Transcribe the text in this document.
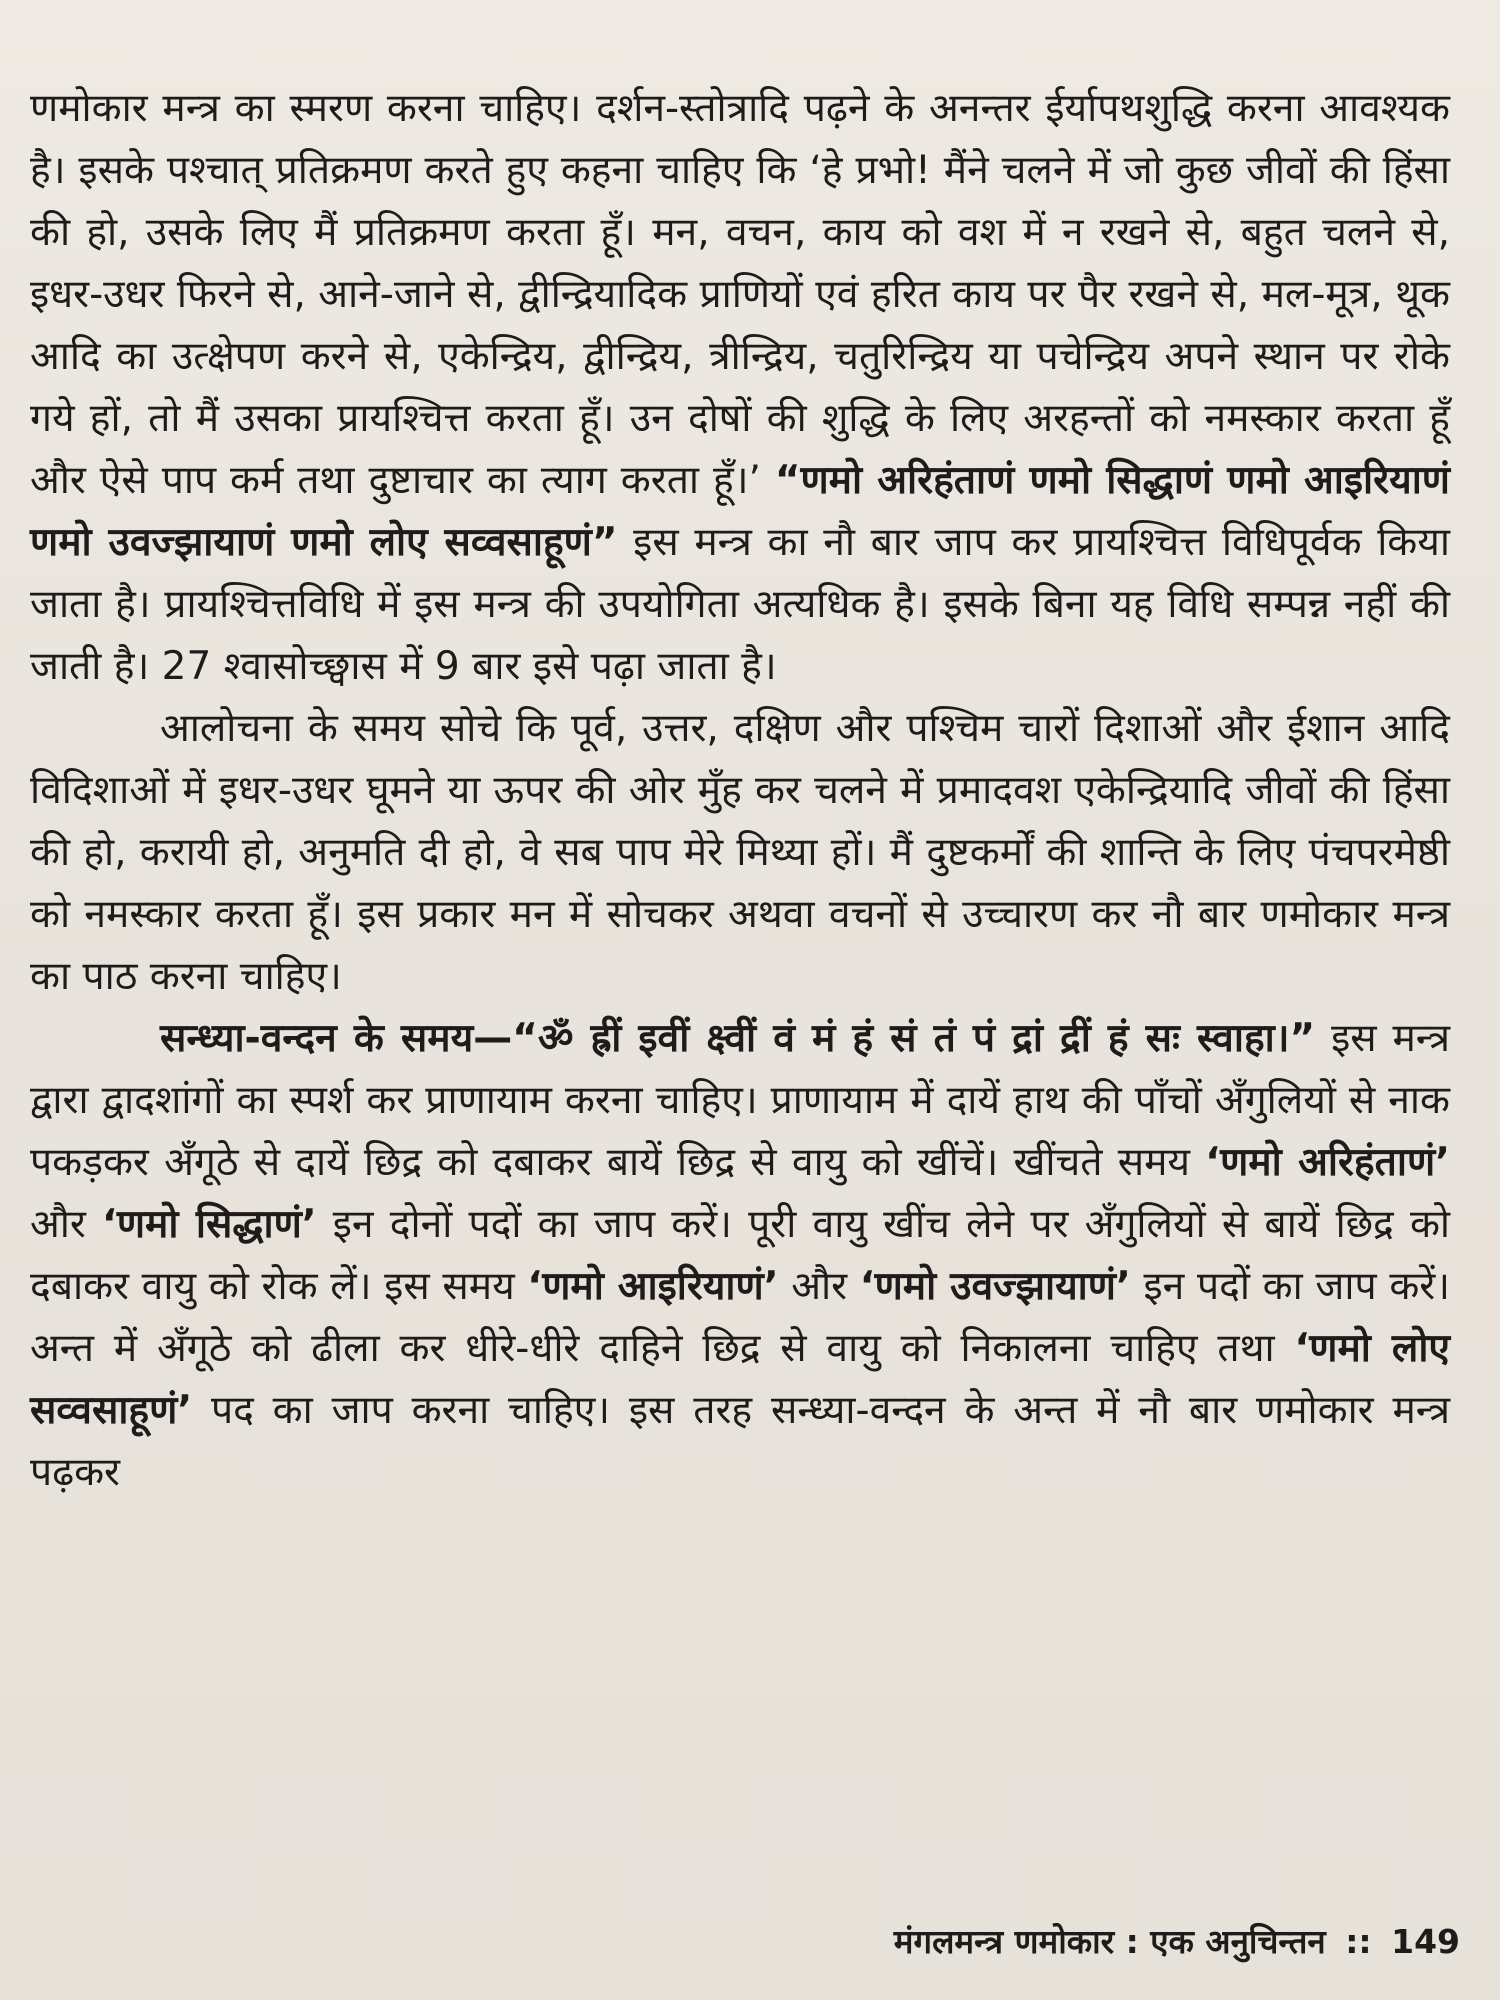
णमोकार मन्त्र का स्मरण करना चाहिए। दर्शन-स्तोत्रादि पढ़ने के अनन्तर ईर्यापथशुद्धि करना आवश्यक है। इसके पश्चात् प्रतिक्रमण करते हुए कहना चाहिए कि ‘हे प्रभो! मैंने चलने में जो कुछ जीवों की हिंसा की हो, उसके लिए मैं प्रतिक्रमण करता हूँ। मन, वचन, काय को वश में न रखने से, बहुत चलने से, इधर-उधर फिरने से, आने-जाने से, द्वीन्द्रियादिक प्राणियों एवं हरित काय पर पैर रखने से, मल-मूत्र, थूक आदि का उत्क्षेपण करने से, एकेन्द्रिय, द्वीन्द्रिय, त्रीन्द्रिय, चतुरिन्द्रिय या पचेन्द्रिय अपने स्थान पर रोके गये हों, तो मैं उसका प्रायश्चित्त करता हूँ। उन दोषों की शुद्धि के लिए अरहन्तों को नमस्कार करता हूँ और ऐसे पाप कर्म तथा दुष्टाचार का त्याग करता हूँ।’ “णमो अरिहंताणं णमो सिद्धाणं णमो आइरियाणं णमो उवज्झायाणं णमो लोए सव्वसाहूणं” इस मन्त्र का नौ बार जाप कर प्रायश्चित्त विधिपूर्वक किया जाता है। प्रायश्चित्तविधि में इस मन्त्र की उपयोगिता अत्यधिक है। इसके बिना यह विधि सम्पन्न नहीं की जाती है। 27 श्वासोच्छ्वास में 9 बार इसे पढ़ा जाता है।

आलोचना के समय सोचे कि पूर्व, उत्तर, दक्षिण और पश्चिम चारों दिशाओं और ईशान आदि विदिशाओं में इधर-उधर घूमने या ऊपर की ओर मुँह कर चलने में प्रमादवश एकेन्द्रियादि जीवों की हिंसा की हो, करायी हो, अनुमति दी हो, वे सब पाप मेरे मिथ्या हों। मैं दुष्टकर्मों की शान्ति के लिए पंचपरमेष्ठी को नमस्कार करता हूँ। इस प्रकार मन में सोचकर अथवा वचनों से उच्चारण कर नौ बार णमोकार मन्त्र का पाठ करना चाहिए।

सन्ध्या-वन्दन के समय—“ॐ ह्रीं इवीं क्ष्वीं वं मं हं सं तं पं द्रां द्रीं हं सः स्वाहा।” इस मन्त्र द्वारा द्वादशांगों का स्पर्श कर प्राणायाम करना चाहिए। प्राणायाम में दायें हाथ की पाँचों अँगुलियों से नाक पकड़कर अँगूठे से दायें छिद्र को दबाकर बायें छिद्र से वायु को खींचें। खींचते समय ‘णमो अरिहंताणं’ और ‘णमो सिद्धाणं’ इन दोनों पदों का जाप करें। पूरी वायु खींच लेने पर अँगुलियों से बायें छिद्र को दबाकर वायु को रोक लें। इस समय ‘णमो आइरियाणं’ और ‘णमो उवज्झायाणं’ इन पदों का जाप करें। अन्त में अँगूठे को ढीला कर धीरे-धीरे दाहिने छिद्र से वायु को निकालना चाहिए तथा ‘णमो लोए सव्वसाहूणं’ पद का जाप करना चाहिए। इस तरह सन्ध्या-वन्दन के अन्त में नौ बार णमोकार मन्त्र पढ़कर

मंगलमन्त्र णमोकार : एक अनुचिन्तन :: 149
